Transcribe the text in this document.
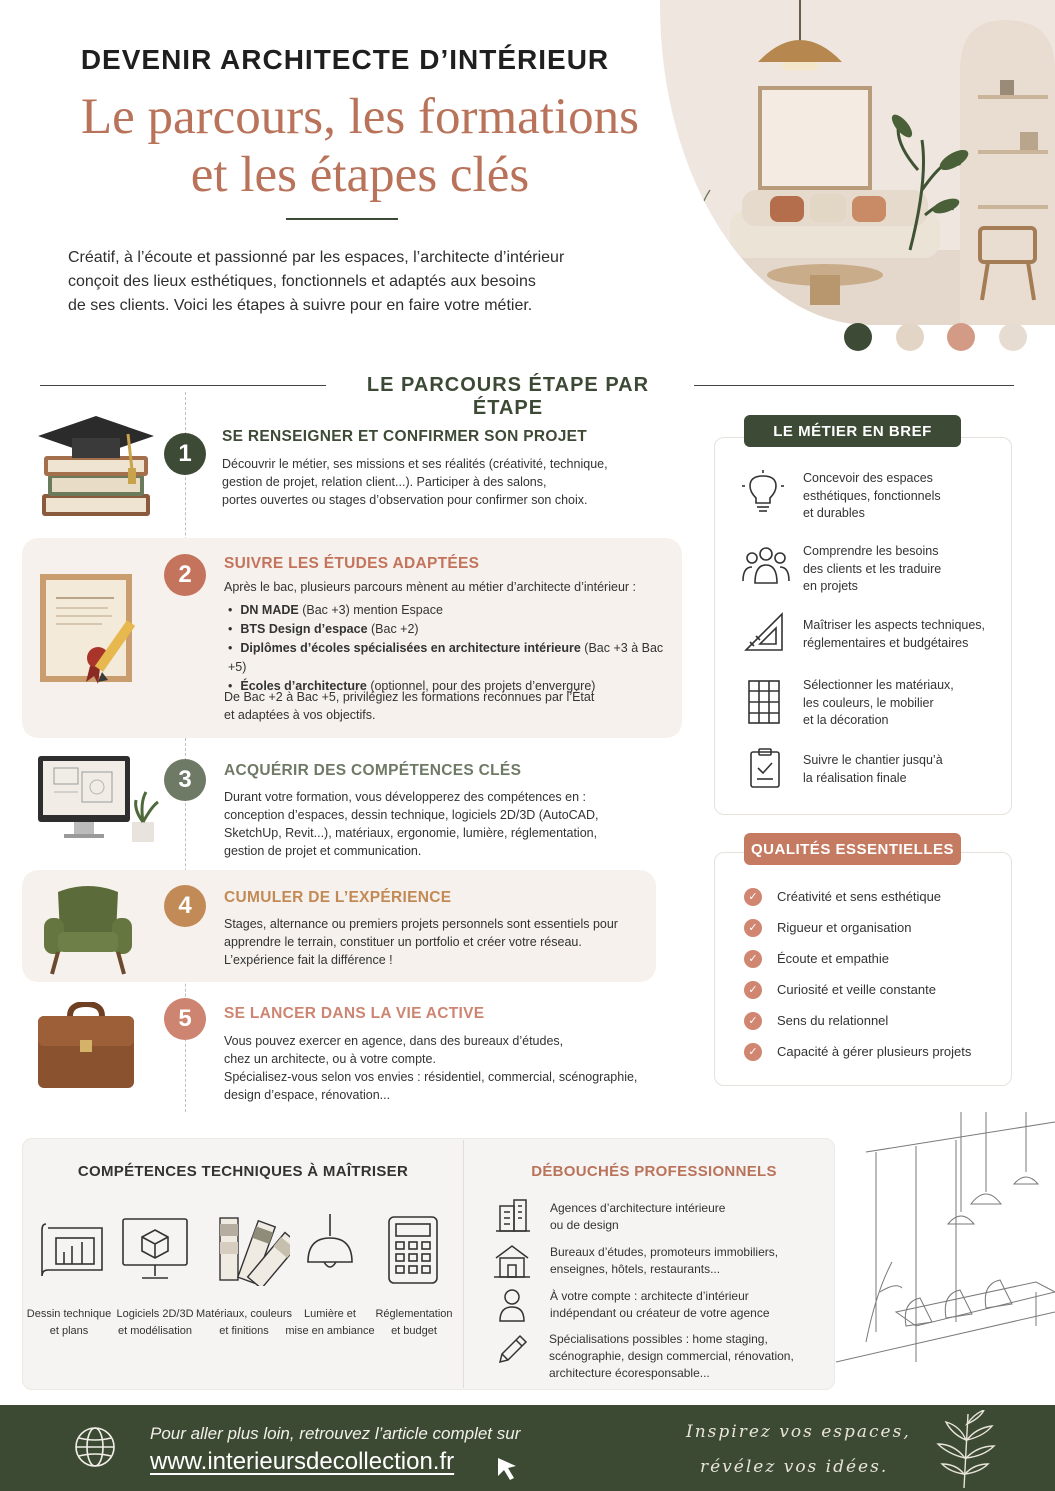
DEVENIR ARCHITECTE D’INTÉRIEUR
Le parcours, les formations
et les étapes clés
Créatif, à l’écoute et passionné par les espaces, l’architecte d’intérieur
conçoit des lieux esthétiques, fonctionnels et adaptés aux besoins
de ses clients. Voici les étapes à suivre pour en faire votre métier.
LE PARCOURS ÉTAPE PAR ÉTAPE
1
2
3
4
5
SE RENSEIGNER ET CONFIRMER SON PROJET
Découvrir le métier, ses missions et ses réalités (créativité, technique,
gestion de projet, relation client...). Participer à des salons,
portes ouvertes ou stages d’observation pour confirmer son choix.
SUIVRE LES ÉTUDES ADAPTÉES
Après le bac, plusieurs parcours mènent au métier d’architecte d’intérieur :
• DN MADE (Bac +3) mention Espace
• BTS Design d’espace (Bac +2)
• Diplômes d’écoles spécialisées en architecture intérieure (Bac +3 à Bac +5)
• Écoles d’architecture (optionnel, pour des projets d’envergure)
De Bac +2 à Bac +5, privilégiez les formations reconnues par l’État
et adaptées à vos objectifs.
ACQUÉRIR DES COMPÉTENCES CLÉS
Durant votre formation, vous développerez des compétences en :
conception d’espaces, dessin technique, logiciels 2D/3D (AutoCAD,
SketchUp, Revit...), matériaux, ergonomie, lumière, réglementation,
gestion de projet et communication.
CUMULER DE L’EXPÉRIENCE
Stages, alternance ou premiers projets personnels sont essentiels pour
apprendre le terrain, constituer un portfolio et créer votre réseau.
L’expérience fait la différence !
SE LANCER DANS LA VIE ACTIVE
Vous pouvez exercer en agence, dans des bureaux d’études,
chez un architecte, ou à votre compte.
Spécialisez-vous selon vos envies : résidentiel, commercial, scénographie,
design d’espace, rénovation...
LE MÉTIER EN BREF
Concevoir des espaces
esthétiques, fonctionnels
et durables
Comprendre les besoins
des clients et les traduire
en projets
Maîtriser les aspects techniques,
réglementaires et budgétaires
Sélectionner les matériaux,
les couleurs, le mobilier
et la décoration
Suivre le chantier jusqu’à
la réalisation finale
QUALITÉS ESSENTIELLES
✓	Créativité et sens esthétique
✓	Rigueur et organisation
✓	Écoute et empathie
✓	Curiosité et veille constante
✓	Sens du relationnel
✓	Capacité à gérer plusieurs projets
COMPÉTENCES TECHNIQUES À MAÎTRISER
Dessin technique
et plans
Logiciels 2D/3D
et modélisation
Matériaux, couleurs
et finitions
Lumière et
mise en ambiance
Réglementation
et budget
DÉBOUCHÉS PROFESSIONNELS
Agences d’architecture intérieure
ou de design
Bureaux d’études, promoteurs immobiliers,
enseignes, hôtels, restaurants...
À votre compte : architecte d’intérieur
indépendant ou créateur de votre agence
Spécialisations possibles : home staging,
scénographie, design commercial, rénovation,
architecture écoresponsable...
Pour aller plus loin, retrouvez l’article complet sur
www.interieursdecollection.fr
Inspirez vos espaces,
révélez vos idées.
